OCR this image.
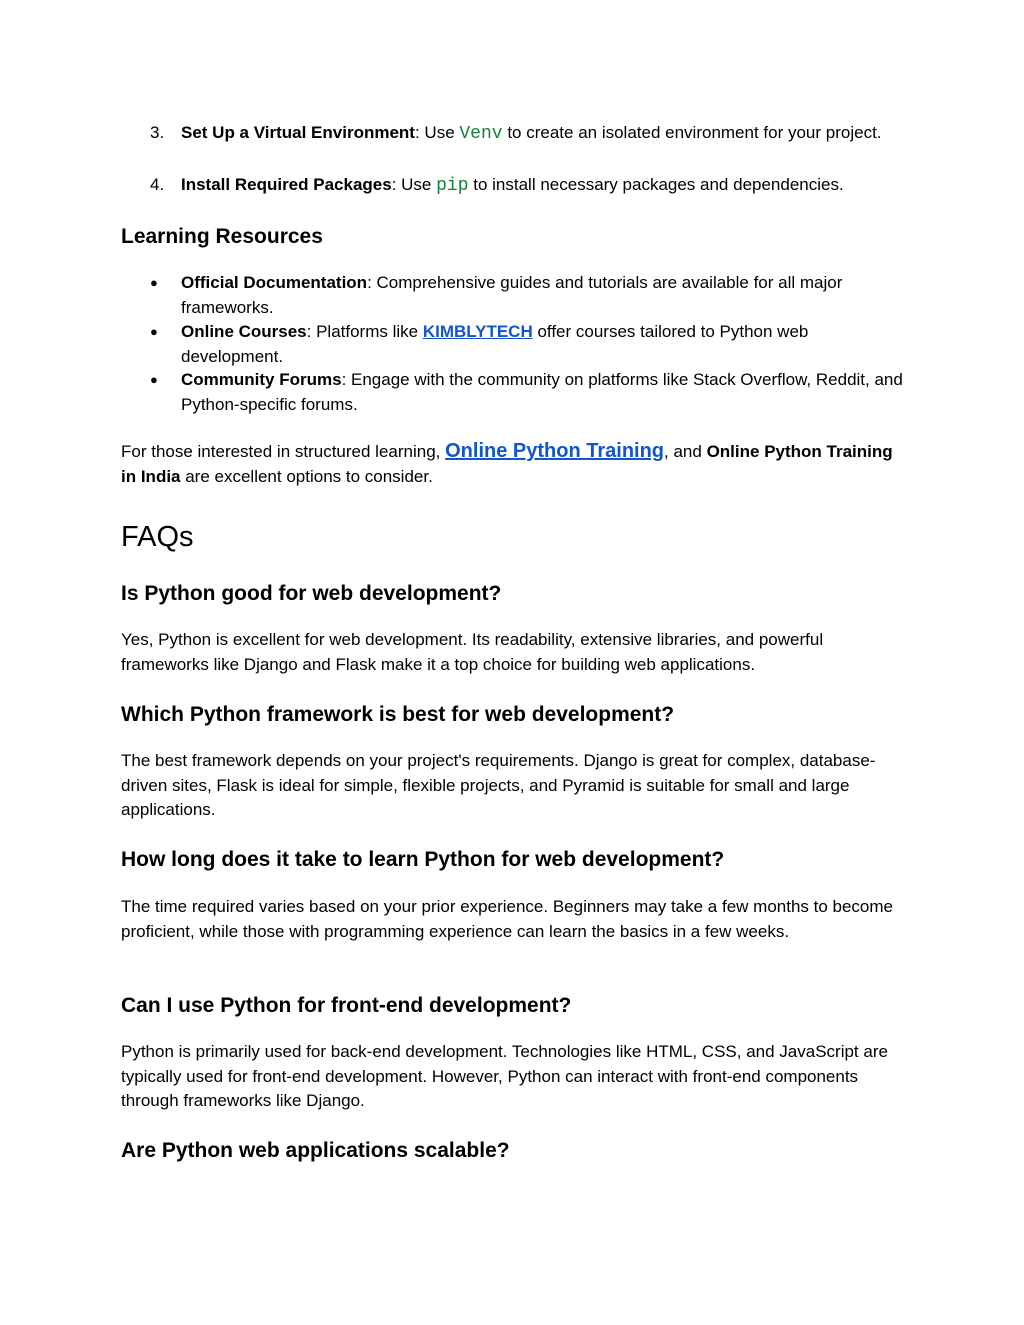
3. Set Up a Virtual Environment: Use Venv to create an isolated environment for your project.
4. Install Required Packages: Use pip to install necessary packages and dependencies.
Learning Resources
● Official Documentation: Comprehensive guides and tutorials are available for all major frameworks.
● Online Courses: Platforms like KIMBLYTECH offer courses tailored to Python web development.
● Community Forums: Engage with the community on platforms like Stack Overflow, Reddit, and Python-specific forums.
For those interested in structured learning, Online Python Training, and Online Python Training in India are excellent options to consider.
FAQs
Is Python good for web development?
Yes, Python is excellent for web development. Its readability, extensive libraries, and powerful frameworks like Django and Flask make it a top choice for building web applications.
Which Python framework is best for web development?
The best framework depends on your project's requirements. Django is great for complex, database-driven sites, Flask is ideal for simple, flexible projects, and Pyramid is suitable for small and large applications.
How long does it take to learn Python for web development?
The time required varies based on your prior experience. Beginners may take a few months to become proficient, while those with programming experience can learn the basics in a few weeks.
Can I use Python for front-end development?
Python is primarily used for back-end development. Technologies like HTML, CSS, and JavaScript are typically used for front-end development. However, Python can interact with front-end components through frameworks like Django.
Are Python web applications scalable?
